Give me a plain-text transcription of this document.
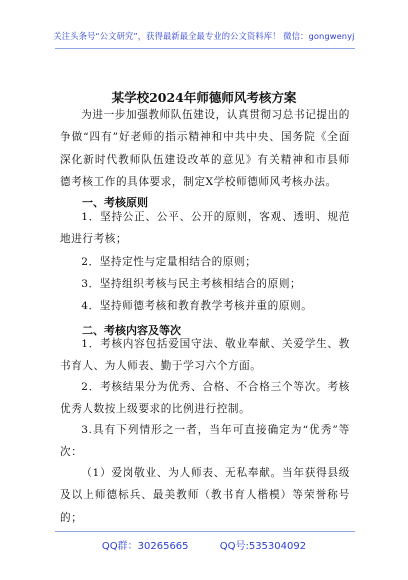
关注头条号“公文研究”，获得最新最全最专业的公文资料库！ 微信：gongwenyj
某学校2024年师德师风考核方案
为进一步加强教师队伍建设，认真贯彻习总书记提出的争做“四有”好老师的指示精神和中共中央、国务院《全面深化新时代教师队伍建设改革的意见》有关精神和市县师德考核工作的具体要求，制定X学校师德师风考核办法。
一、考核原则
1．坚持公正、公平、公开的原则，客观、透明、规范地进行考核；
2．坚持定性与定量相结合的原则；
3．坚持组织考核与民主考核相结合的原则；
4．坚持师德考核和教育教学考核并重的原则。
二、考核内容及等次
1．考核内容包括爱国守法、敬业奉献、关爱学生、教书育人、为人师表、勤于学习六个方面。
2．考核结果分为优秀、合格、不合格三个等次。考核优秀人数按上级要求的比例进行控制。
3.具有下列情形之一者，当年可直接确定为“优秀”等次：
（1）爱岗敬业、为人师表、无私奉献。当年获得县级及以上师德标兵、最美教师（教书育人楷模）等荣誉称号的；
QQ群：30265665	QQ号:535304092
